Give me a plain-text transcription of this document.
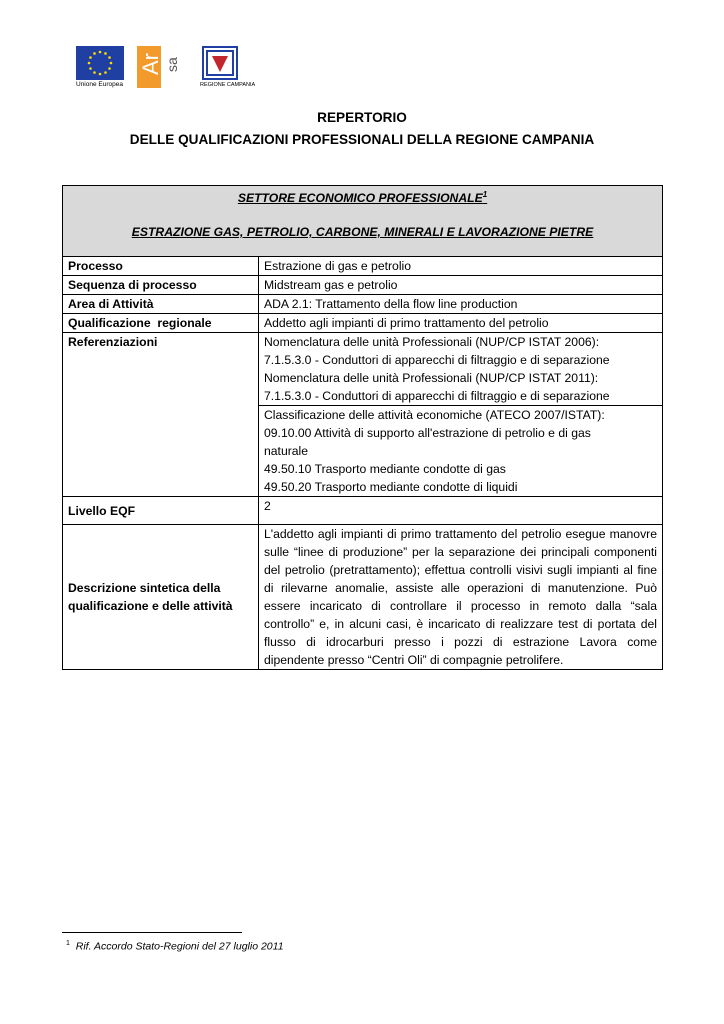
Unione Europea
Ar sa
REGIONE CAMPANIA
REPERTORIO
DELLE QUALIFICAZIONI PROFESSIONALI DELLA REGIONE CAMPANIA
SETTORE ECONOMICO PROFESSIONALE$^1$
ESTRAZIONE GAS, PETROLIO, CARBONE, MINERALI E LAVORAZIONE PIETRE	

Processo	Estrazione di gas e petrolio
Sequenza di processo	Midstream gas e petrolio
Area di Attività	ADA 2.1: Trattamento della flow line production
Qualificazione  regionale	Addetto agli impianti di primo trattamento del petrolio
Referenziazioni	Nomenclatura delle unità Professionali (NUP/CP ISTAT 2006):
7.1.5.3.0 - Conduttori di apparecchi di filtraggio e di separazione
Nomenclatura delle unità Professionali (NUP/CP ISTAT 2011):
7.1.5.3.0 - Conduttori di apparecchi di filtraggio e di separazione

	Classificazione delle attività economiche (ATECO 2007/ISTAT):
09.10.00 Attività di supporto all'estrazione di petrolio e di gas
naturale
49.50.10 Trasporto mediante condotte di gas
49.50.20 Trasporto mediante condotte di liquidi

Livello EQF	2

Descrizione sintetica della
qualificazione e delle attività	L'addetto agli impianti di primo trattamento del petrolio esegue manovre sulle “linee di produzione” per la separazione dei principali componenti del petrolio (pretrattamento); effettua controlli visivi sugli impianti al fine di rilevarne anomalie, assiste alle operazioni di manutenzione. Può essere incaricato di controllare il processo in remoto dalla “sala controllo” e, in alcuni casi, è incaricato di realizzare test di portata del flusso di idrocarburi presso i pozzi di estrazione Lavora come dipendente presso “Centri Oli” di compagnie petrolifere.
$^1$ Rif. Accordo Stato-Regioni del 27 luglio 2011
